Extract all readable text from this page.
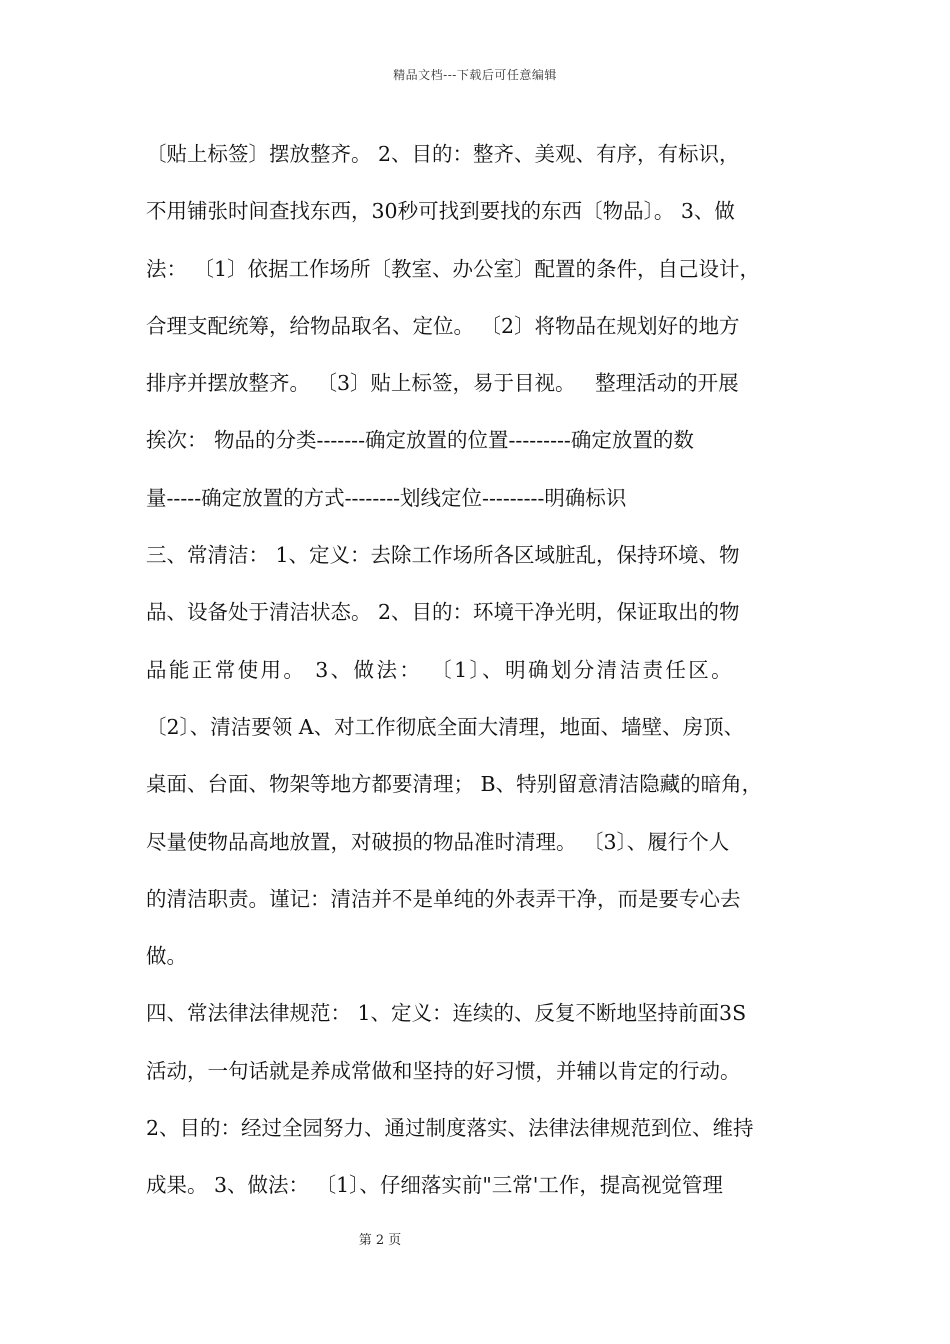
精品文档---下载后可任意编辑
〔贴上标签〕摆放整齐。 2、目的：整齐、美观、有序，有标识，
不用铺张时间查找东西，30秒可找到要找的东西〔物品〕。 3、做
法： 〔1〕依据工作场所〔教室、办公室〕配置的条件，自己设计，
合理支配统筹，给物品取名、定位。 〔2〕将物品在规划好的地方
排序并摆放整齐。 〔3〕贴上标签，易于目视。   整理活动的开展
挨次： 物品的分类-------确定放置的位置---------确定放置的数
量-----确定放置的方式--------划线定位---------明确标识
三、常清洁： 1、定义：去除工作场所各区域脏乱，保持环境、物
品、设备处于清洁状态。 2、目的：环境干净光明，保证取出的物
品能正常使用。 3、做法： 〔1〕、明确划分清洁责任区。
〔2〕、清洁要领 A、对工作彻底全面大清理，地面、墙壁、房顶、
桌面、台面、物架等地方都要清理； B、特别留意清洁隐藏的暗角，
尽量使物品高地放置，对破损的物品准时清理。 〔3〕、履行个人
的清洁职责。谨记：清洁并不是单纯的外表弄干净，而是要专心去
做。
四、常法律法律规范： 1、定义：连续的、反复不断地坚持前面3S
活动，一句话就是养成常做和坚持的好习惯，并辅以肯定的行动。
2、目的：经过全园努力、通过制度落实、法律法律规范到位、维持
成果。 3、做法： 〔1〕、仔细落实前"三常'工作，提高视觉管理
第 2 页
